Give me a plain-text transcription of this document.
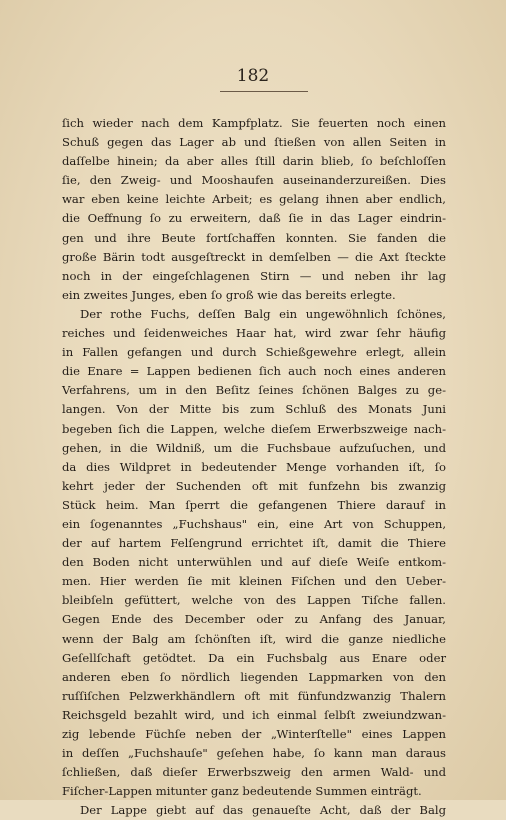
182
ſich wieder nach dem Kampfplatz. Sie feuerten noch einen
Schuß gegen das Lager ab und ſtießen von allen Seiten in
daſſelbe hinein; da aber alles ſtill darin blieb, ſo beſchloſſen
ſie, den Zweig- und Mooshaufen auseinanderzureißen. Dies
war eben keine leichte Arbeit; es gelang ihnen aber endlich,
die Oeffnung ſo zu erweitern, daß ſie in das Lager eindrin-
gen und ihre Beute fortſchaffen konnten. Sie fanden die
große Bärin todt ausgeſtreckt in demſelben — die Axt ſteckte
noch in der eingeſchlagenen Stirn — und neben ihr lag
ein zweites Junges, eben ſo groß wie das bereits erlegte.
Der rothe Fuchs, deſſen Balg ein ungewöhnlich ſchönes,
reiches und ſeidenweiches Haar hat, wird zwar ſehr häufig
in Fallen gefangen und durch Schießgewehre erlegt, allein
die Enare = Lappen bedienen ſich auch noch eines anderen
Verfahrens, um in den Beſitz ſeines ſchönen Balges zu ge-
langen. Von der Mitte bis zum Schluß des Monats Juni
begeben ſich die Lappen, welche dieſem Erwerbszweige nach-
gehen, in die Wildniß, um die Fuchsbaue aufzuſuchen, und
da dies Wildpret in bedeutender Menge vorhanden iſt, ſo
kehrt jeder der Suchenden oft mit funfzehn bis zwanzig
Stück heim. Man ſperrt die gefangenen Thiere darauf in
ein ſogenanntes „Fuchshaus" ein, eine Art von Schuppen,
der auf hartem Felſengrund errichtet iſt, damit die Thiere
den Boden nicht unterwühlen und auf dieſe Weiſe entkom-
men. Hier werden ſie mit kleinen Fiſchen und den Ueber-
bleibſeln gefüttert, welche von des Lappen Tiſche fallen.
Gegen Ende des December oder zu Anfang des Januar,
wenn der Balg am ſchönſten iſt, wird die ganze niedliche
Geſellſchaft getödtet. Da ein Fuchsbalg aus Enare oder
anderen eben ſo nördlich liegenden Lappmarken von den
ruſſiſchen Pelzwerkhändlern oft mit fünfundzwanzig Thalern
Reichsgeld bezahlt wird, und ich einmal ſelbſt zweiundzwan-
zig lebende Füchſe neben der „Winterſtelle" eines Lappen
in deſſen „Fuchshauſe" geſehen habe, ſo kann man daraus
ſchließen, daß dieſer Erwerbszweig den armen Wald- und
Fiſcher-Lappen mitunter ganz bedeutende Summen einträgt.
Der Lappe giebt auf das genaueſte Acht, daß der Balg
